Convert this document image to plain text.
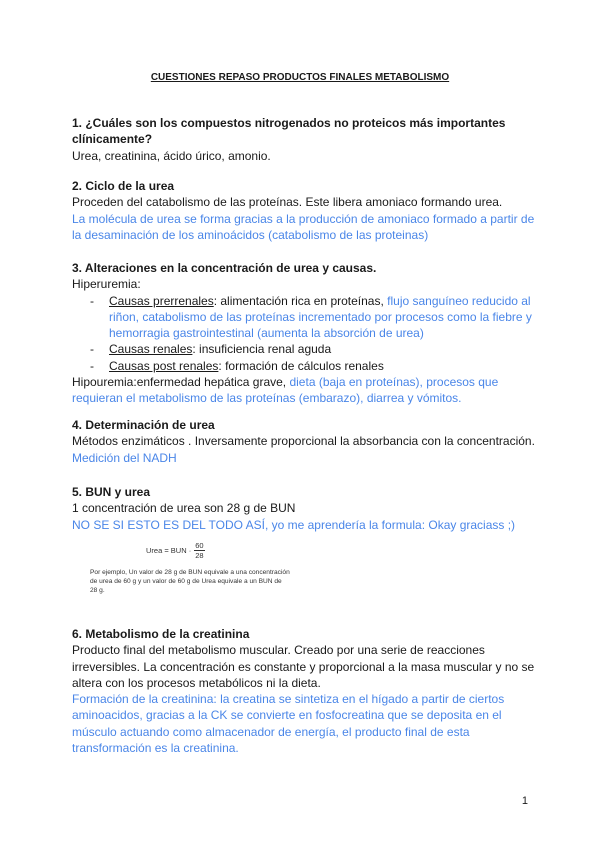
CUESTIONES REPASO PRODUCTOS FINALES METABOLISMO
1. ¿Cuáles son los compuestos nitrogenados no proteicos más importantes clínicamente?
Urea, creatinina, ácido úrico, amonio.
2. Ciclo de la urea
Proceden del catabolismo de las proteínas. Este libera amoniaco formando urea.
La molécula de urea se forma gracias a la producción de amoniaco formado a partir de la desaminación de los aminoácidos (catabolismo de las proteinas)
3. Alteraciones en la concentración de urea y causas.
Hiperuremia:
- Causas prerrenales: alimentación rica en proteínas, flujo sanguíneo reducido al riñon, catabolismo de las proteínas incrementado por procesos como la fiebre y hemorragia gastrointestinal (aumenta la absorción de urea)
- Causas renales: insuficiencia renal aguda
- Causas post renales: formación de cálculos renales
Hipouremia:enfermedad hepática grave, dieta (baja en proteínas), procesos que requieran el metabolismo de las proteínas (embarazo), diarrea y vómitos.
4. Determinación de urea
Métodos enzimáticos . Inversamente proporcional la absorbancia con la concentración. Medición del NADH
5. BUN y urea
1 concentración de urea son 28 g de BUN
NO SE SI ESTO ES DEL TODO ASÍ, yo me aprendería la formula: Okay graciass ;)
Urea = BUN · $\frac{60}{28}$
Por ejemplo, Un valor de 28 g de BUN equivale a una concentración de urea de 60 g y un valor de 60 g de Urea equivale a un BUN de 28 g.
6. Metabolismo de la creatinina
Producto final del metabolismo muscular. Creado por una serie de reacciones irreversibles. La concentración es constante y proporcional a la masa muscular y no se altera con los procesos metabólicos ni la dieta.
Formación de la creatinina: la creatina se sintetiza en el hígado a partir de ciertos aminoacidos, gracias a la CK se convierte en fosfocreatina que se deposita en el músculo actuando como almacenador de energía, el producto final de esta transformación es la creatinina.
1
